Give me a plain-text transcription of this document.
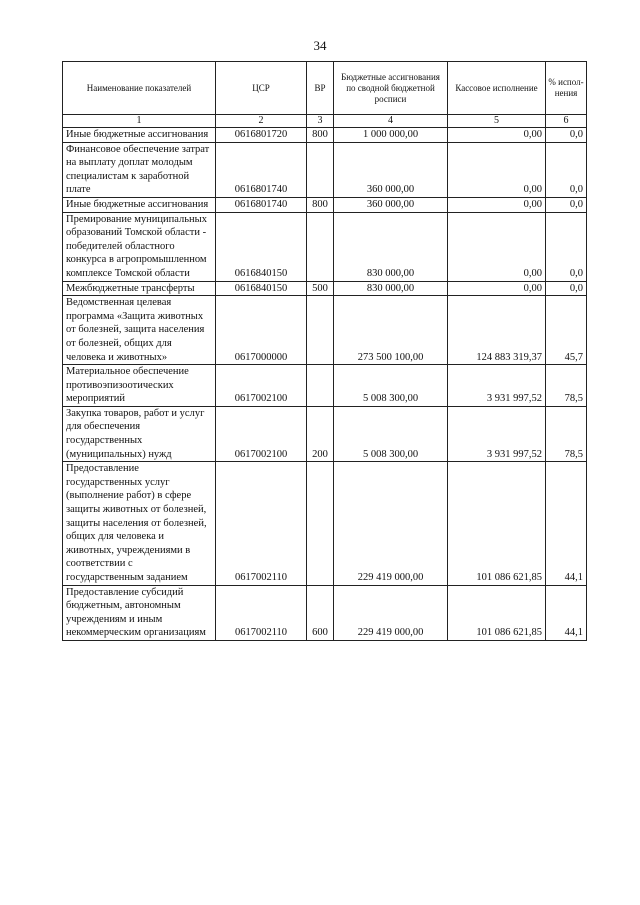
34
Наименование показателей	ЦСР	ВР	Бюджетные ассигнования по сводной бюджетной росписи	Кассовое исполнение	% испол-нения
1	2	3	4	5	6
Иные бюджетные ассигнования	0616801720	800	1 000 000,00	0,00	0,0
Финансовое обеспечение затрат на выплату доплат молодым специалистам к заработной плате	0616801740		360 000,00	0,00	0,0
Иные бюджетные ассигнования	0616801740	800	360 000,00	0,00	0,0
Премирование муниципальных образований Томской области - победителей областного конкурса в агропромышленном комплексе Томской области	0616840150		830 000,00	0,00	0,0
Межбюджетные трансферты	0616840150	500	830 000,00	0,00	0,0
Ведомственная целевая программа «Защита животных от болезней, защита населения от болезней, общих для человека и животных»	0617000000		273 500 100,00	124 883 319,37	45,7
Материальное обеспечение противоэпизоотических мероприятий	0617002100		5 008 300,00	3 931 997,52	78,5
Закупка товаров, работ и услуг для обеспечения государственных (муниципальных) нужд	0617002100	200	5 008 300,00	3 931 997,52	78,5
Предоставление государственных услуг (выполнение работ) в сфере защиты животных от болезней, защиты населения от болезней, общих для человека и животных, учреждениями в соответствии с государственным заданием	0617002110		229 419 000,00	101 086 621,85	44,1
Предоставление субсидий бюджетным, автономным учреждениям и иным некоммерческим организациям	0617002110	600	229 419 000,00	101 086 621,85	44,1
